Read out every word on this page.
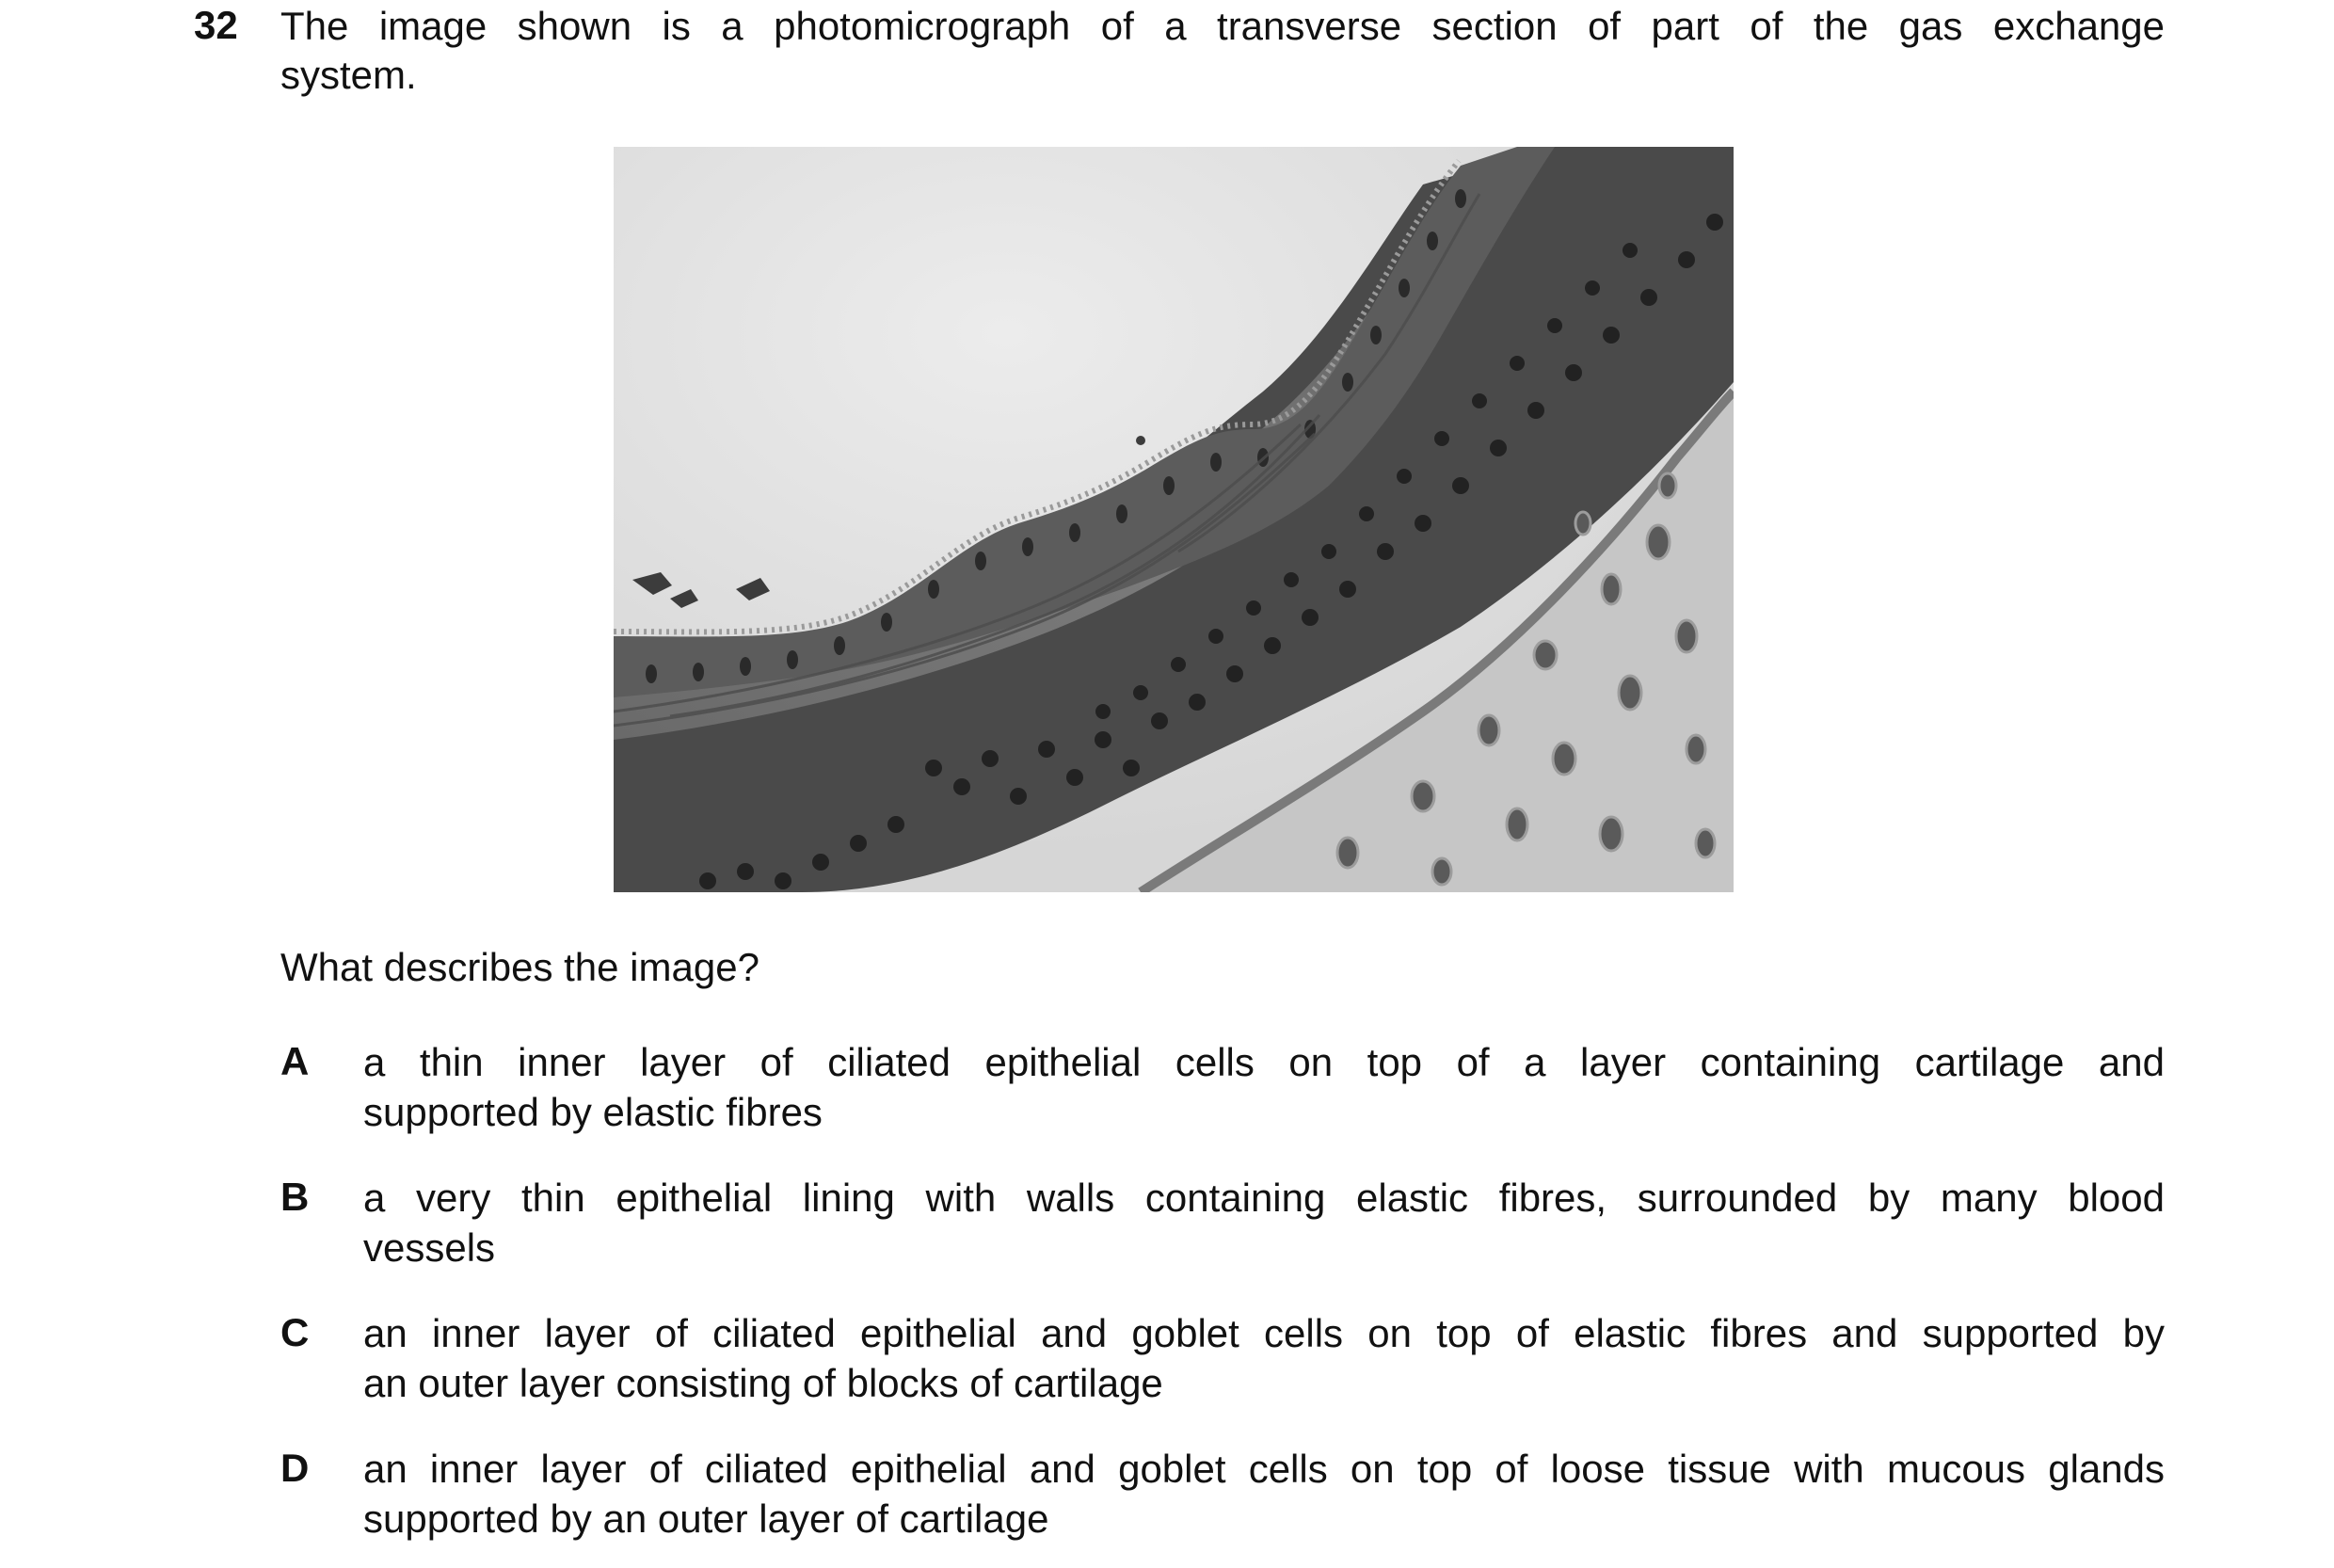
32 The image shown is a photomicrograph of a transverse section of part of the gas exchange
system.
What describes the image?
A a thin inner layer of ciliated epithelial cells on top of a layer containing cartilage and
supported by elastic fibres
B a very thin epithelial lining with walls containing elastic fibres, surrounded by many blood
vessels
C an inner layer of ciliated epithelial and goblet cells on top of elastic fibres and supported by
an outer layer consisting of blocks of cartilage
D an inner layer of ciliated epithelial and goblet cells on top of loose tissue with mucous glands
supported by an outer layer of cartilage
